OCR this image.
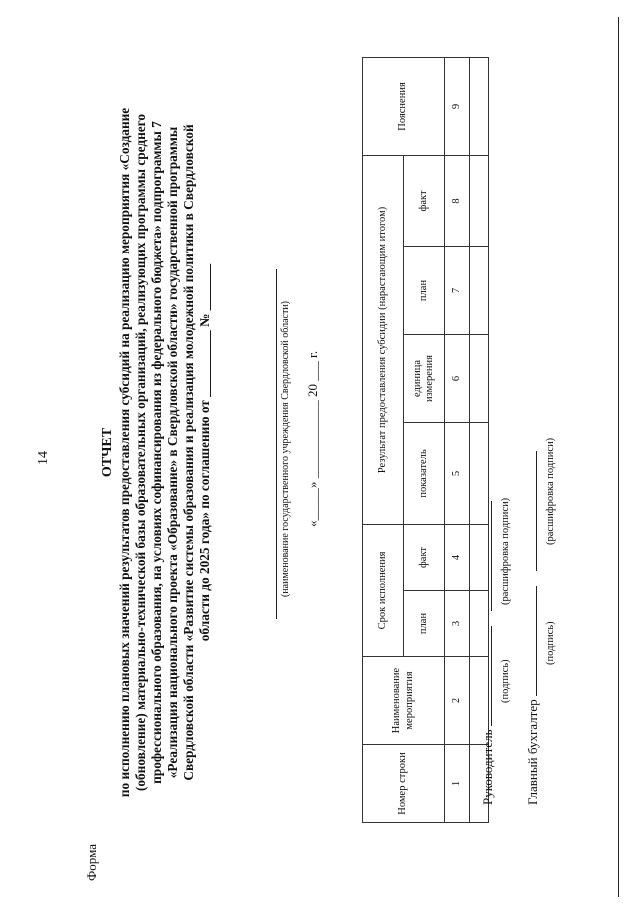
14
Форма
ОТЧЕТ по исполнению плановых значений результатов предоставления субсидий на реализацию мероприятия «Создание (обновление) материально-технической базы образовательных организаций, реализующих программы среднего профессионального образования, на условиях софинансирования из федерального бюджета» подпрограммы 7 «Реализация национального проекта «Образование» в Свердловской области» государственной программы Свердловской области «Развитие системы образования и реализация молодежной политики в Свердловской области до 2025 года» по соглашению от __________ № _______	(наименование государственного учреждения Свердловской области) «_____» ____________ 20 ___ г.
Номер строки	Наименование мероприятия	Срок исполнения		Результат предоставления субсидии (нарастающим итогом)				Пояснения
		план	факт	показатель	единица измерения	план	факт	
1	2	3	4	5	6	7	8	9

Руководитель
(подпись)
(расшифровка подписи)
Главный бухгалтер
(подпись)
(расшифровка подписи)
